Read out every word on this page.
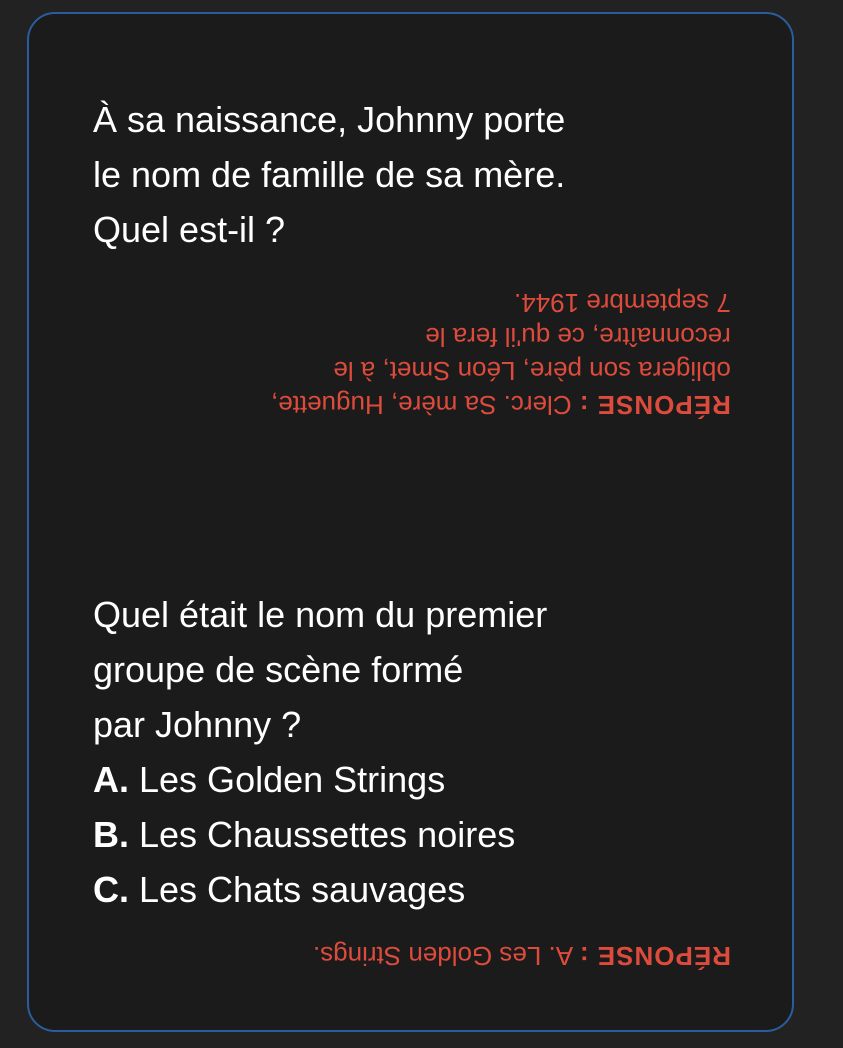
À sa naissance, Johnny porte
le nom de famille de sa mère.
Quel est-il ?
RÉPONSE : Clerc. Sa mère, Huguette,
obligera son père, Léon Smet, à le
reconnaître, ce qu'il fera le
7 septembre 1944.
Quel était le nom du premier
groupe de scène formé
par Johnny ?
A. Les Golden Strings
B. Les Chaussettes noires
C. Les Chats sauvages
RÉPONSE : A. Les Golden Strings.
